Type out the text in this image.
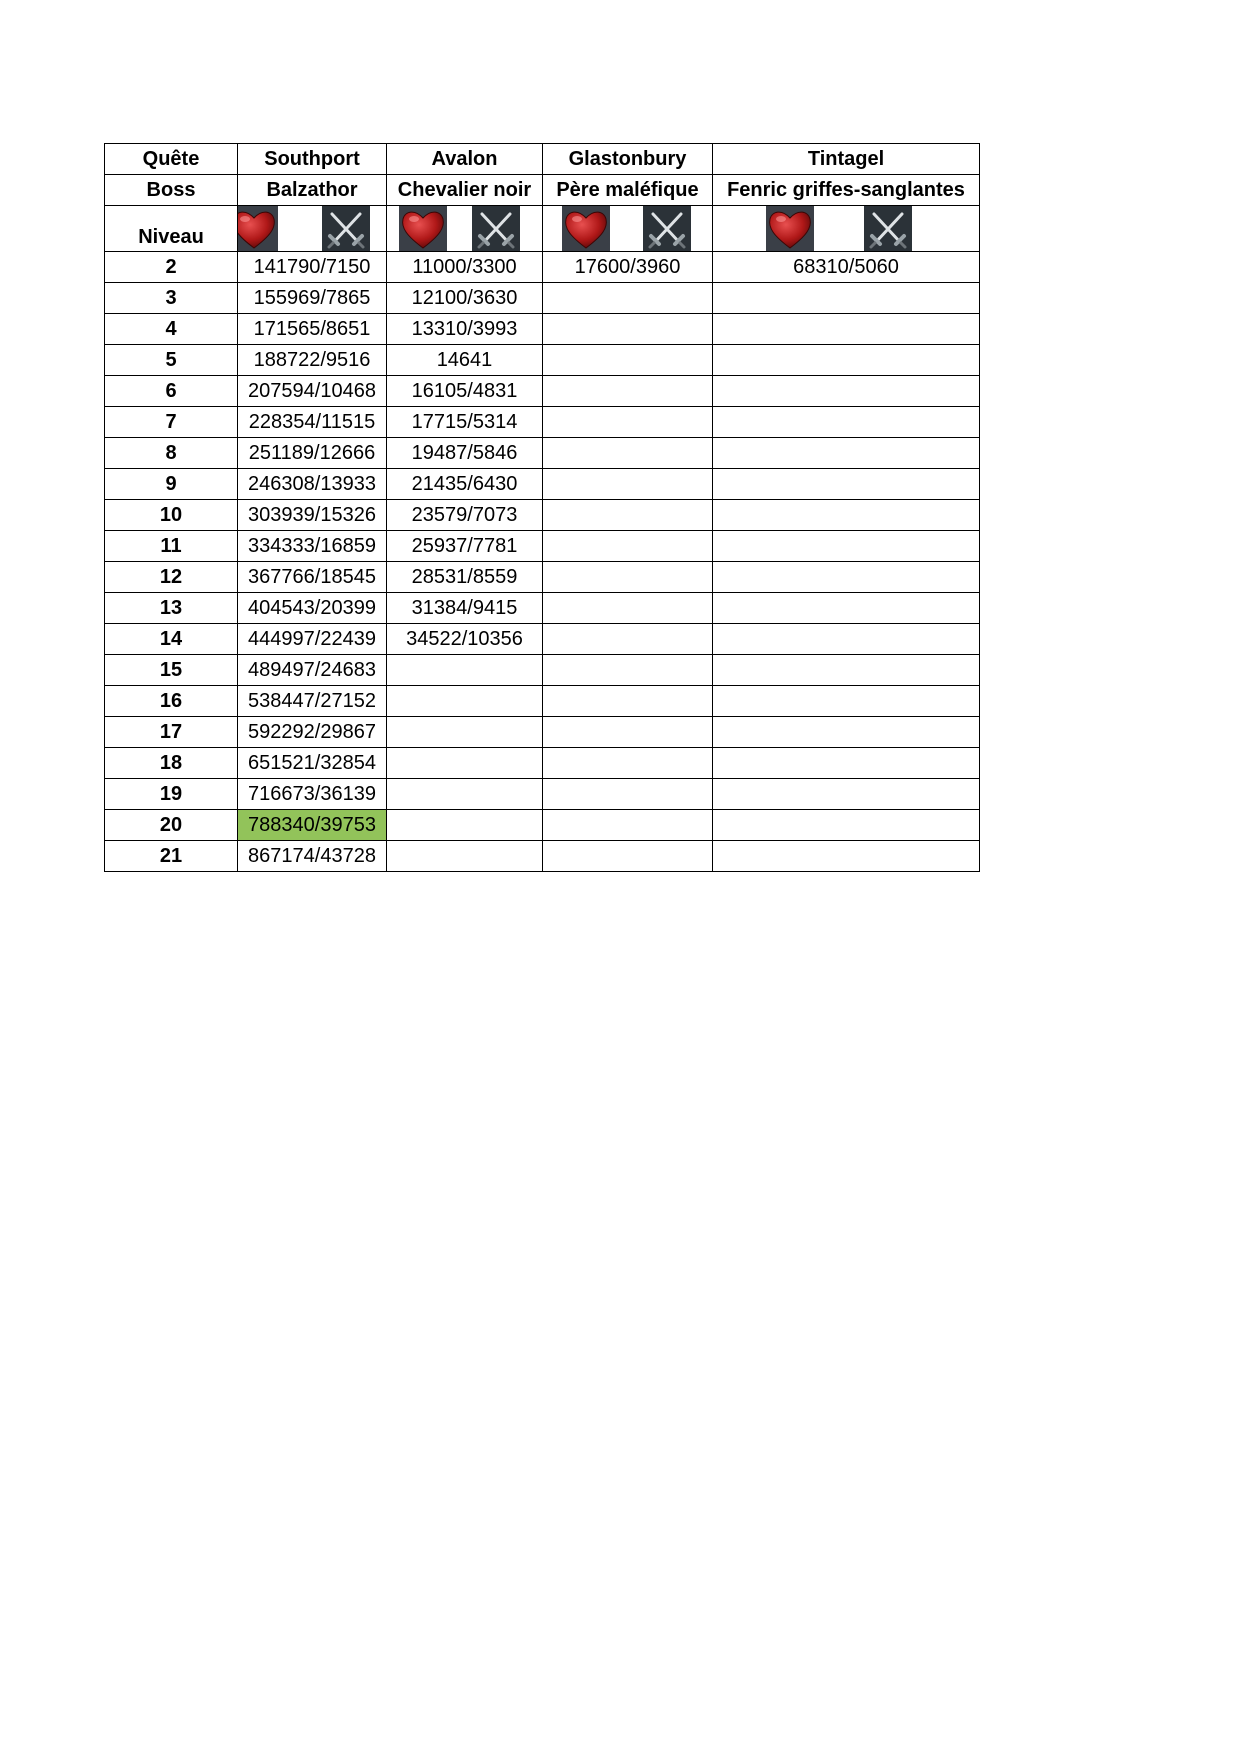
Quête	Southport	Avalon	Glastonbury	Tintagel
Boss	Balzathor	Chevalier noir	Père maléfique	Fenric griffes-sanglantes

Niveau

2	141790/7150	11000/3300	17600/3960	68310/5060
3	155969/7865	12100/3630		
4	171565/8651	13310/3993		
5	188722/9516	14641		
6	207594/10468	16105/4831		
7	228354/11515	17715/5314		
8	251189/12666	19487/5846		
9	246308/13933	21435/6430		
10	303939/15326	23579/7073		
11	334333/16859	25937/7781		
12	367766/18545	28531/8559		
13	404543/20399	31384/9415		
14	444997/22439	34522/10356		
15	489497/24683			
16	538447/27152			
17	592292/29867			
18	651521/32854			
19	716673/36139			
20	788340/39753			
21	867174/43728			
